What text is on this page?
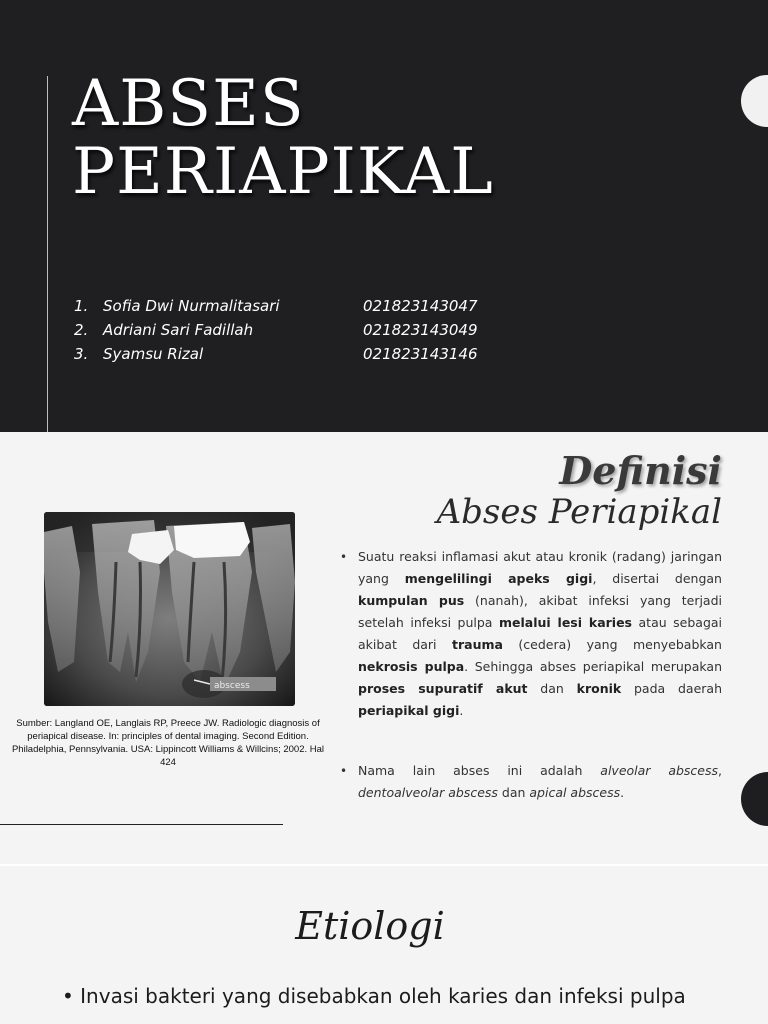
ABSES
PERIAPIKAL
1. Sofia Dwi Nurmalitasari	021823143047
2. Adriani Sari Fadillah	021823143049
3. Syamsu Rizal	021823143146
Definisi
Abses Periapikal
abscess
Sumber: Langland OE, Langlais RP, Preece JW. Radiologic diagnosis of periapical disease. In: principles of dental imaging. Second Edition. Philadelphia, Pennsylvania. USA: Lippincott Williams & Willcins; 2002. Hal 424
• Suatu reaksi inflamasi akut atau kronik (radang) jaringan yang mengelilingi apeks gigi, disertai dengan kumpulan pus (nanah), akibat infeksi yang terjadi setelah infeksi pulpa melalui lesi karies atau sebagai akibat dari trauma (cedera) yang menyebabkan nekrosis pulpa. Sehingga abses periapikal merupakan proses supuratif akut dan kronik pada daerah periapikal gigi.
• Nama lain abses ini adalah alveolar abscess, dentoalveolar abscess dan apical abscess.
Etiologi
• Invasi bakteri yang disebabkan oleh karies dan infeksi pulpa
